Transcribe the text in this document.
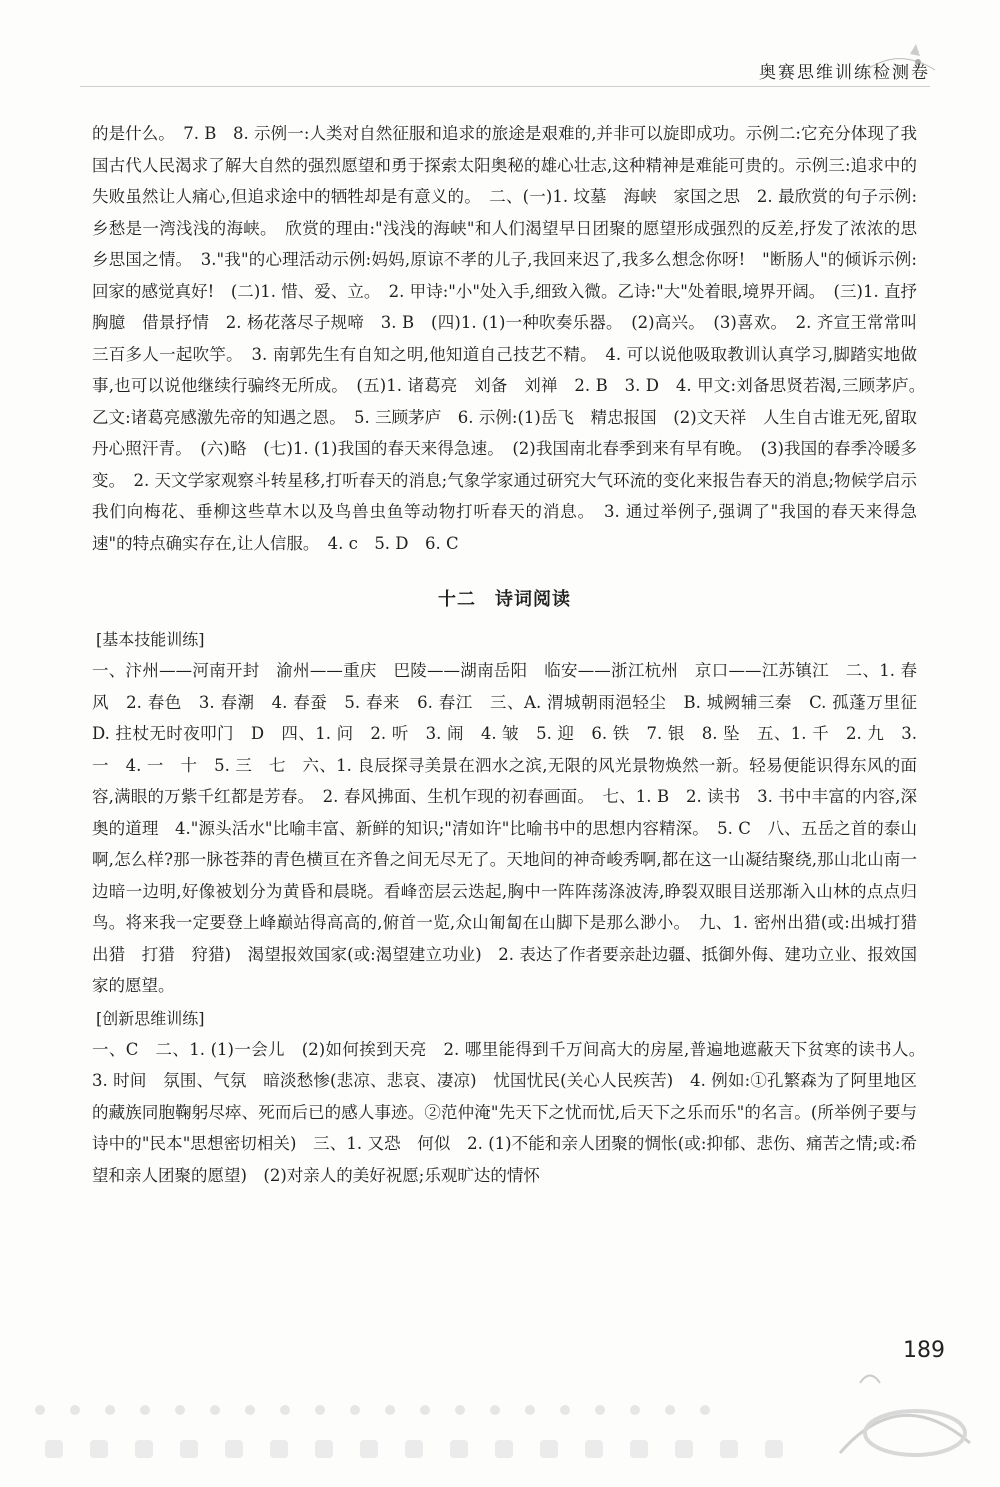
奥赛思维训练检测卷

的是什么。　7. B　8. 示例一:人类对自然征服和追求的旅途是艰难的,并非可以旋即成功。示例二:它充分体现了我国古代人民渴求了解大自然的强烈愿望和勇于探索太阳奥秘的雄心壮志,这种精神是难能可贵的。示例三:追求中的失败虽然让人痛心,但追求途中的牺牲却是有意义的。　二、(一)1. 坟墓　海峡　家国之思　2. 最欣赏的句子示例:乡愁是一湾浅浅的海峡。　欣赏的理由:"浅浅的海峡"和人们渴望早日团聚的愿望形成强烈的反差,抒发了浓浓的思乡思国之情。　3."我"的心理活动示例:妈妈,原谅不孝的儿子,我回来迟了,我多么想念你呀!　"断肠人"的倾诉示例:回家的感觉真好!　(二)1. 惜、爱、立。　2. 甲诗:"小"处入手,细致入微。乙诗:"大"处着眼,境界开阔。　(三)1. 直抒胸臆　借景抒情　2. 杨花落尽子规啼　3. B　(四)1. (1)一种吹奏乐器。　(2)高兴。　(3)喜欢。　2. 齐宣王常常叫三百多人一起吹竽。　3. 南郭先生有自知之明,他知道自己技艺不精。　4. 可以说他吸取教训认真学习,脚踏实地做事,也可以说他继续行骗终无所成。　(五)1. 诸葛亮　刘备　刘禅　2. B　3. D　4. 甲文:刘备思贤若渴,三顾茅庐。　乙文:诸葛亮感激先帝的知遇之恩。　5. 三顾茅庐　6. 示例:(1)岳飞　精忠报国　(2)文天祥　人生自古谁无死,留取丹心照汗青。　(六)略　(七)1. (1)我国的春天来得急速。　(2)我国南北春季到来有早有晚。　(3)我国的春季冷暖多变。　2. 天文学家观察斗转星移,打听春天的消息;气象学家通过研究大气环流的变化来报告春天的消息;物候学启示我们向梅花、垂柳这些草木以及鸟兽虫鱼等动物打听春天的消息。　3. 通过举例子,强调了"我国的春天来得急速"的特点确实存在,让人信服。　4. c　5. D　6. C

十二　诗词阅读
[ 基本技能训练 ]

一、汴州——河南开封　渝州——重庆　巴陵——湖南岳阳　临安——浙江杭州　京口——江苏镇江　二、1. 春风　2. 春色　3. 春潮　4. 春蚕　5. 春来　6. 春江　三、A. 渭城朝雨浥轻尘　B. 城阙辅三秦　C. 孤蓬万里征　D. 拄杖无时夜叩门　D　四、1. 问　2. 听　3. 闹　4. 皱　5. 迎　6. 铁　7. 银　8. 坠　五、1. 千　2. 九　3. 一　4. 一　十　5. 三　七　六、1. 良辰探寻美景在泗水之滨,无限的风光景物焕然一新。轻易便能识得东风的面容,满眼的万紫千红都是芳春。　2. 春风拂面、生机乍现的初春画面。　七、1. B　2. 读书　3. 书中丰富的内容,深奥的道理　4."源头活水"比喻丰富、新鲜的知识;"清如许"比喻书中的思想内容精深。　5. C　八、五岳之首的泰山啊,怎么样?那一脉苍莽的青色横亘在齐鲁之间无尽无了。天地间的神奇峻秀啊,都在这一山凝结聚绕,那山北山南一边暗一边明,好像被划分为黄昏和晨晓。看峰峦层云迭起,胸中一阵阵荡涤波涛,睁裂双眼目送那渐入山林的点点归鸟。将来我一定要登上峰巅站得高高的,俯首一览,众山匍匐在山脚下是那么渺小。　九、1. 密州出猎(或:出城打猎　出猎　打猎　狩猎)　渴望报效国家(或:渴望建立功业)　2. 表达了作者要亲赴边疆、抵御外侮、建功立业、报效国家的愿望。

[ 创新思维训练 ]

一、C　二、1. (1)一会儿　(2)如何挨到天亮　2. 哪里能得到千万间高大的房屋,普遍地遮蔽天下贫寒的读书人。　3. 时间　氛围、气氛　暗淡愁惨(悲凉、悲哀、凄凉)　忧国忧民(关心人民疾苦)　4. 例如:①孔繁森为了阿里地区的藏族同胞鞠躬尽瘁、死而后已的感人事迹。②范仲淹"先天下之忧而忧,后天下之乐而乐"的名言。(所举例子要与诗中的"民本"思想密切相关)　三、1. 又恐　何似　2. (1)不能和亲人团聚的惆怅(或:抑郁、悲伤、痛苦之情;或:希望和亲人团聚的愿望)　(2)对亲人的美好祝愿;乐观旷达的情怀

189
